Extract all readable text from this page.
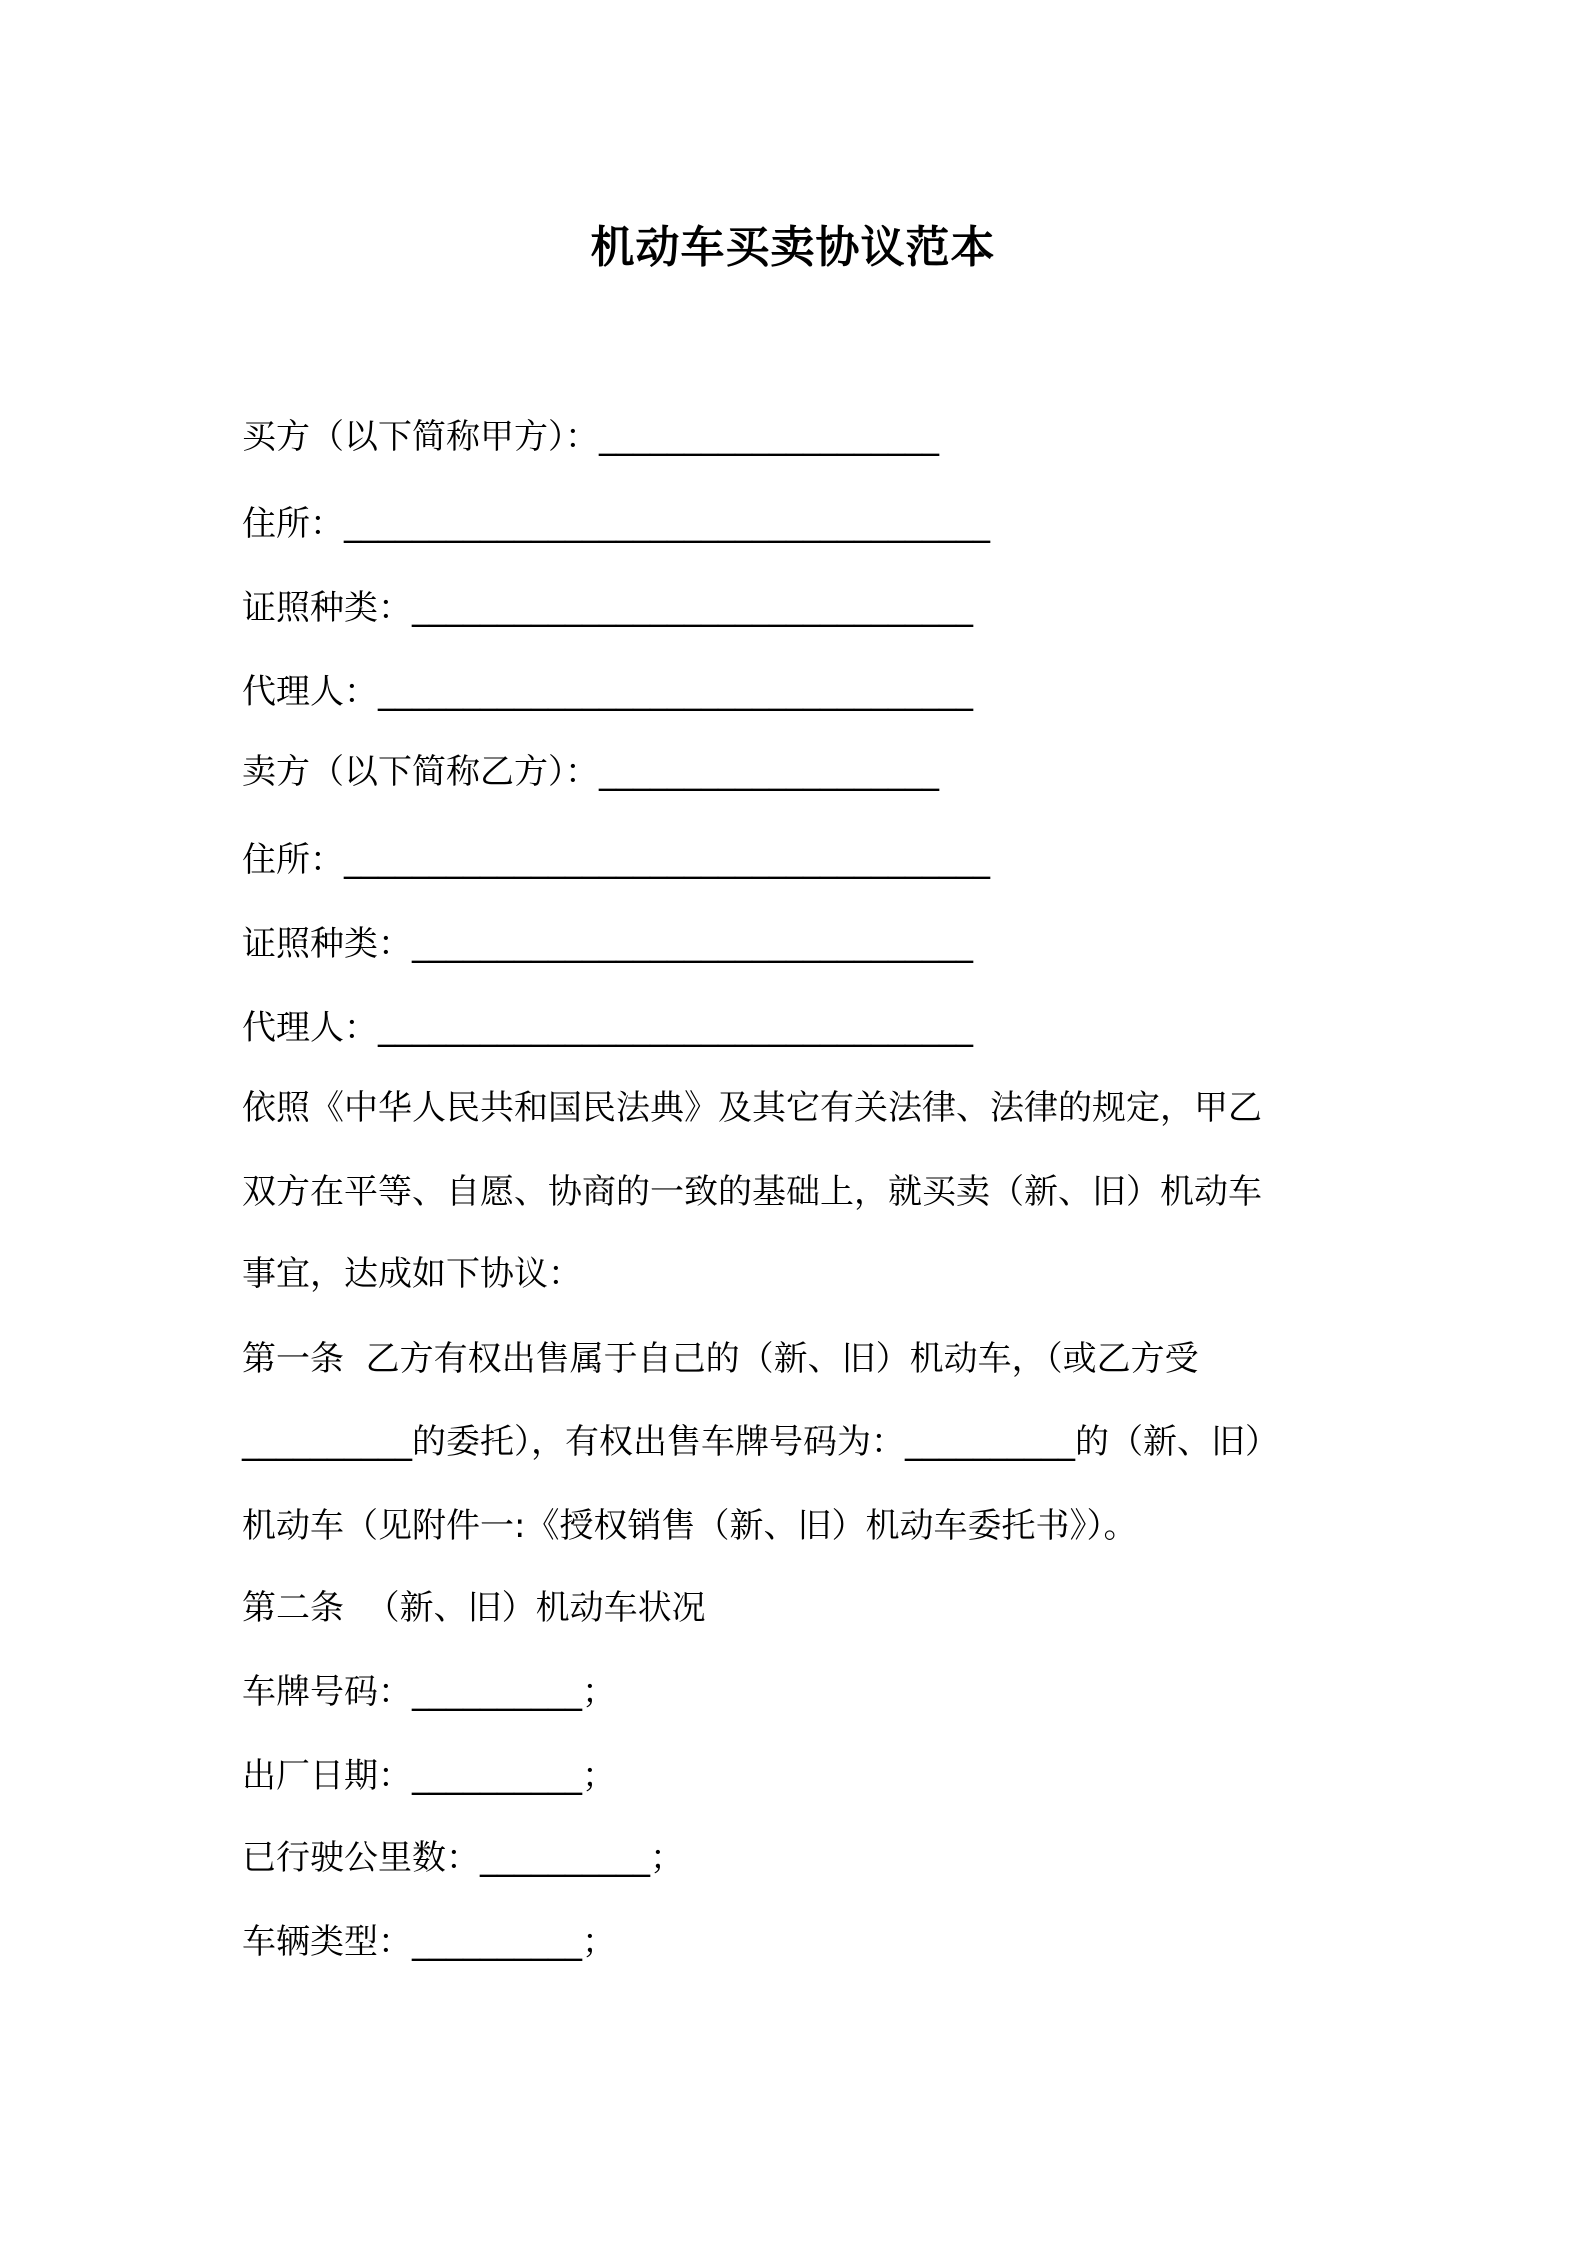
机动车买卖协议范本
买方（以下简称甲方）：____________________
住所：______________________________________
证照种类：_________________________________
代理人：___________________________________
卖方（以下简称乙方）：____________________
住所：______________________________________
证照种类：_________________________________
代理人：___________________________________
依照《中华人民共和国民法典》及其它有关法律、法律的规定，甲乙
双方在平等、自愿、协商的一致的基础上，就买卖（新、旧）机动车
事宜，达成如下协议：
第一条  乙方有权出售属于自己的（新、旧）机动车，（或乙方受
__________的委托），有权出售车牌号码为：__________的（新、旧）
机动车（见附件一:《授权销售（新、旧）机动车委托书》）。
第二条  （新、旧）机动车状况
车牌号码：__________；
出厂日期：__________；
已行驶公里数：__________；
车辆类型：__________；
